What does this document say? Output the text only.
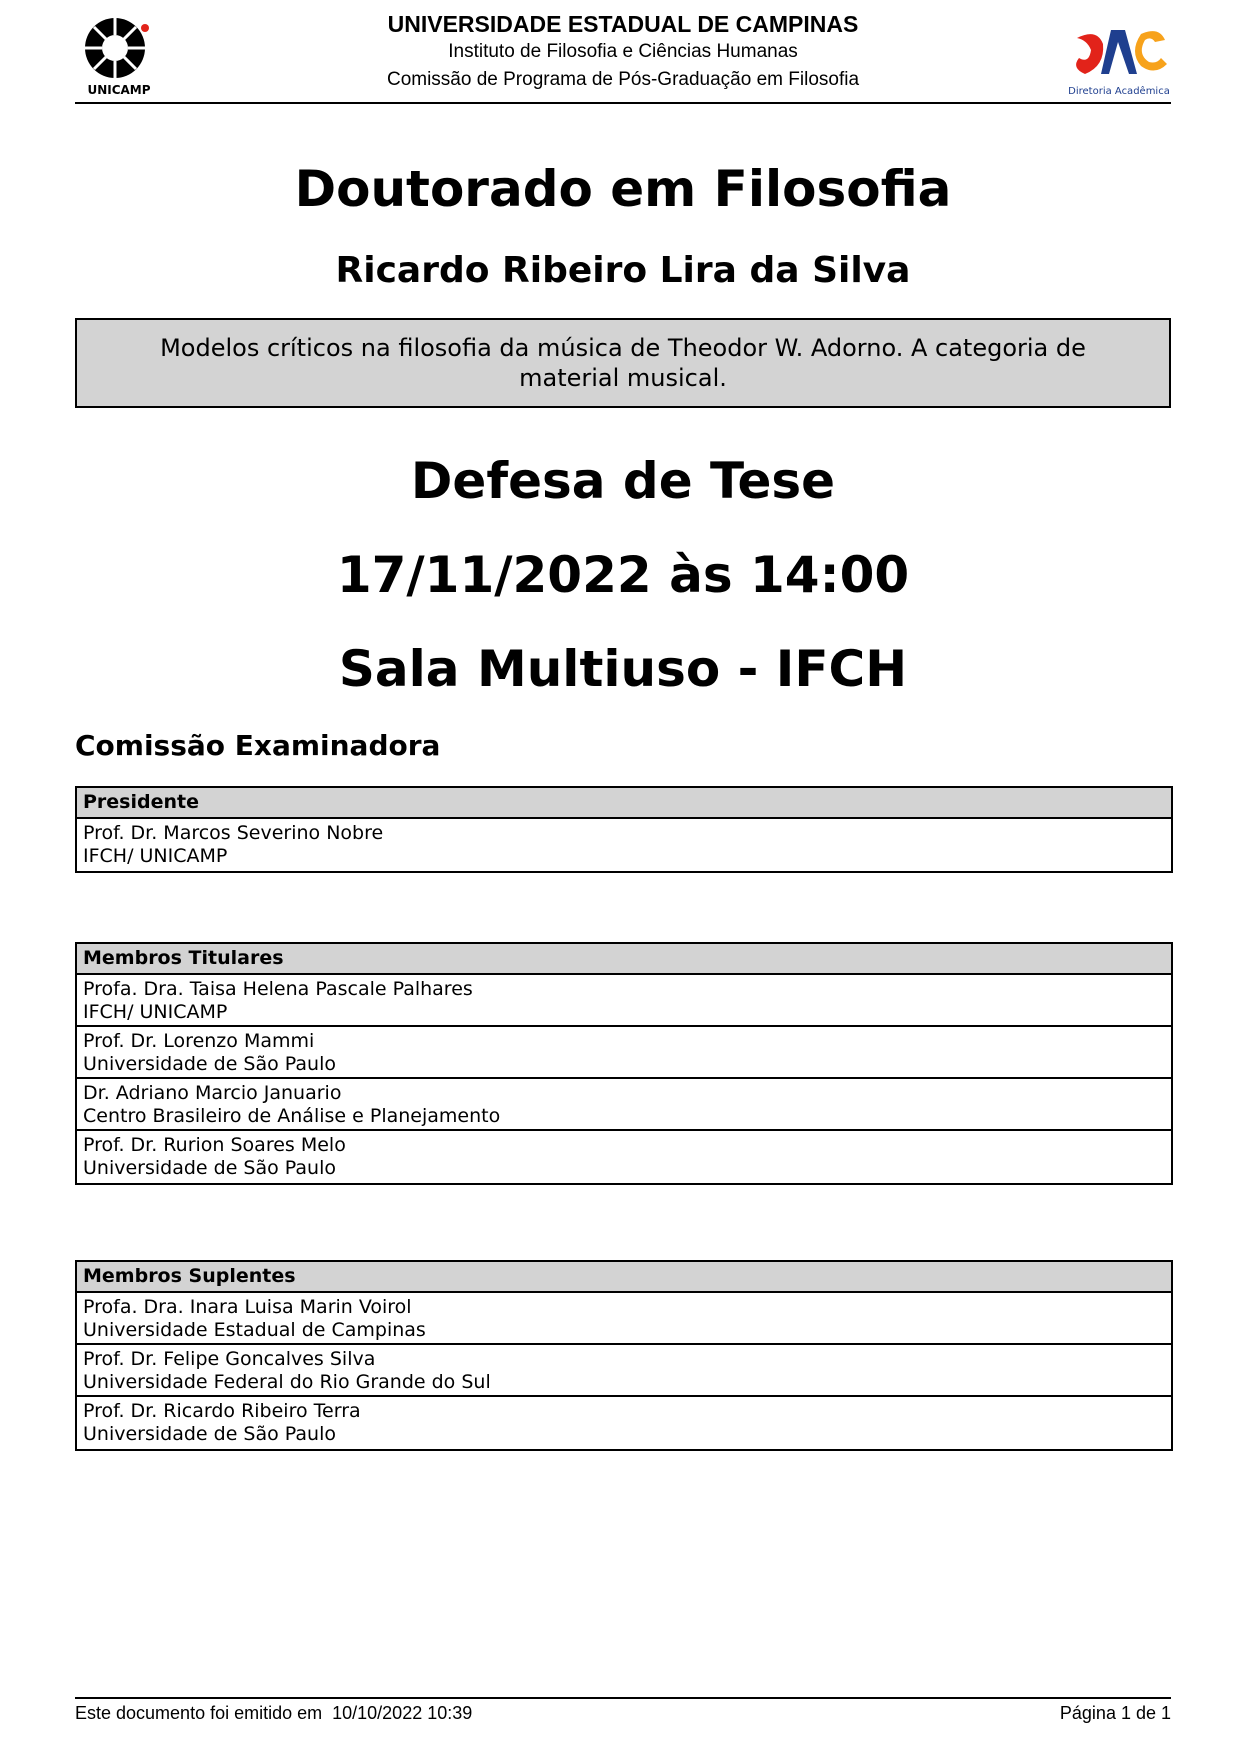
UNICAMP
UNIVERSIDADE ESTADUAL DE CAMPINAS
Instituto de Filosofia e Ciências Humanas
Comissão de Programa de Pós-Graduação em Filosofia
Diretoria Acadêmica
Doutorado em Filosofia
Ricardo Ribeiro Lira da Silva
Modelos críticos na filosofia da música de Theodor W. Adorno. A categoria de material musical.
Defesa de Tese
17/11/2022 às 14:00
Sala Multiuso - IFCH
Comissão Examinadora
Presidente
Prof. Dr. Marcos Severino Nobre
IFCH/ UNICAMP
Membros Titulares
Profa. Dra. Taisa Helena Pascale Palhares
IFCH/ UNICAMP
Prof. Dr. Lorenzo Mammi
Universidade de São Paulo
Dr. Adriano Marcio Januario
Centro Brasileiro de Análise e Planejamento
Prof. Dr. Rurion Soares Melo
Universidade de São Paulo
Membros Suplentes
Profa. Dra. Inara Luisa Marin Voirol
Universidade Estadual de Campinas
Prof. Dr. Felipe Goncalves Silva
Universidade Federal do Rio Grande do Sul
Prof. Dr. Ricardo Ribeiro Terra
Universidade de São Paulo
Este documento foi emitido em  10/10/2022 10:39	Página 1 de 1
